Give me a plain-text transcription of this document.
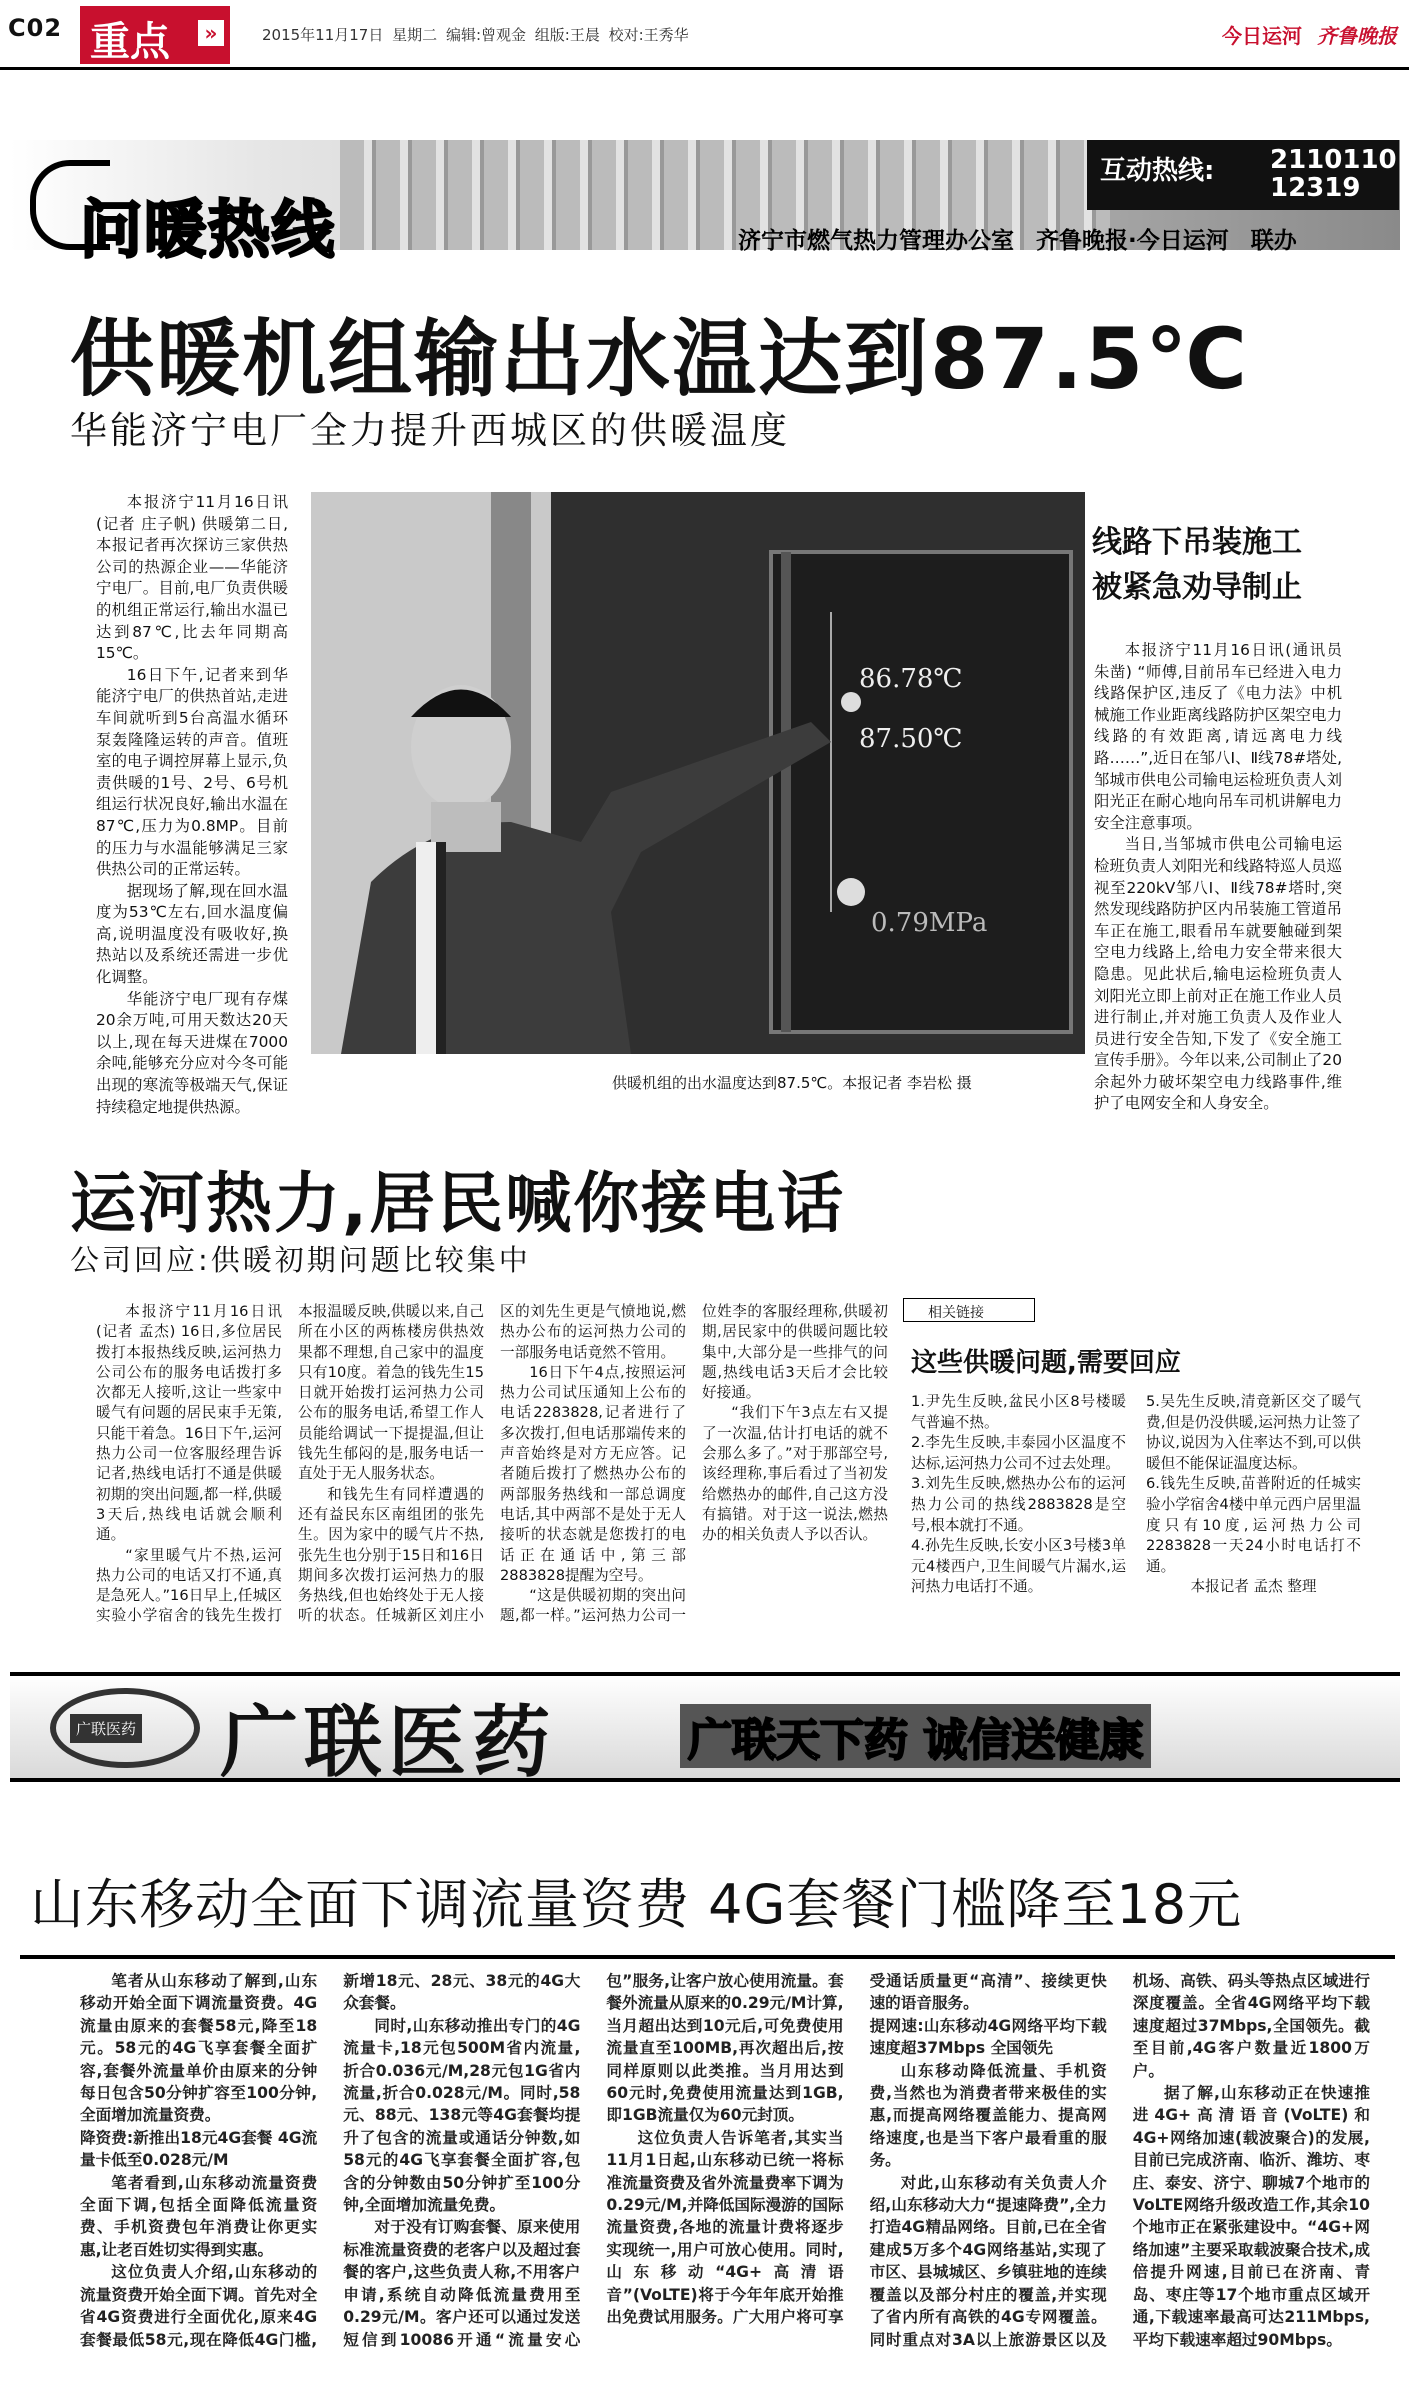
C02 重点	»	2015年11月17日 星期二 编辑:曾观金 组版:王晨 校对:王秀华	今日运河 齐鲁晚报
问暖热线
互动热线: 2110110
12319
济宁市燃气热力管理办公室 齐鲁晚报·今日运河 联办
供暖机组输出水温达到87.5℃
华能济宁电厂全力提升西城区的供暖温度

本报济宁11月16日讯(记者 庄子帆) 供暖第二日,本报记者再次探访三家供热公司的热源企业——华能济宁电厂。目前,电厂负责供暖的机组正常运行,输出水温已达到87℃,比去年同期高15℃。

16日下午,记者来到华能济宁电厂的供热首站,走进车间就听到5台高温水循环泵轰隆隆运转的声音。值班室的电子调控屏幕上显示,负责供暖的1号、2号、6号机组运行状况良好,输出水温在87℃,压力为0.8MP。目前的压力与水温能够满足三家供热公司的正常运转。

据现场了解,现在回水温度为53℃左右,回水温度偏高,说明温度没有吸收好,换热站以及系统还需进一步优化调整。

华能济宁电厂现有存煤20余万吨,可用天数达20天以上,现在每天进煤在7000余吨,能够充分应对今冬可能出现的寒流等极端天气,保证持续稳定地提供热源。

86.78℃
87.50℃
0.79MPa
供暖机组的出水温度达到87.5℃。本报记者 李岩松 摄
线路下吊装施工
被紧急劝导制止

本报济宁11月16日讯(通讯员 朱凿) “师傅,目前吊车已经进入电力线路保护区,违反了《电力法》中机械施工作业距离线路防护区架空电力线路的有效距离,请远离电力线路……”,近日在邹八Ⅰ、Ⅱ线78#塔处,邹城市供电公司输电运检班负责人刘阳光正在耐心地向吊车司机讲解电力安全注意事项。

当日,当邹城市供电公司输电运检班负责人刘阳光和线路特巡人员巡视至220kV邹八Ⅰ、Ⅱ线78#塔时,突然发现线路防护区内吊装施工管道吊车正在施工,眼看吊车就要触碰到架空电力线路上,给电力安全带来很大隐患。见此状后,输电运检班负责人刘阳光立即上前对正在施工作业人员进行制止,并对施工负责人及作业人员进行安全告知,下发了《安全施工宣传手册》。今年以来,公司制止了20余起外力破坏架空电力线路事件,维护了电网安全和人身安全。

运河热力,居民喊你接电话
公司回应:供暖初期问题比较集中

本报济宁11月16日讯(记者 孟杰) 16日,多位居民拨打本报热线反映,运河热力公司公布的服务电话拨打多次都无人接听,这让一些家中暖气有问题的居民束手无策,只能干着急。16日下午,运河热力公司一位客服经理告诉记者,热线电话打不通是供暖初期的突出问题,都一样,供暖3天后,热线电话就会顺利通。

“家里暖气片不热,运河热力公司的电话又打不通,真是急死人。”16日早上,任城区实验小学宿舍的钱先生拨打本报温暖反映,供暖以来,自己所在小区的两栋楼房供热效果都不理想,自己家中的温度只有10度。着急的钱先生15日就开始拨打运河热力公司公布的服务电话,希望工作人员能给调试一下提提温,但让钱先生郁闷的是,服务电话一直处于无人服务状态。

和钱先生有同样遭遇的还有益民东区南组团的张先生。因为家中的暖气片不热,张先生也分别于15日和16日期间多次拨打运河热力的服务热线,但也始终处于无人接听的状态。任城新区刘庄小区的刘先生更是气愤地说,燃热办公布的运河热力公司的一部服务电话竟然不管用。

16日下午4点,按照运河热力公司试压通知上公布的电话2283828,记者进行了多次拨打,但电话那端传来的声音始终是对方无应答。记者随后拨打了燃热办公布的两部服务热线和一部总调度电话,其中两部不是处于无人接听的状态就是您拨打的电话正在通话中,第三部2883828提醒为空号。

“这是供暖初期的突出问题,都一样。”运河热力公司一位姓李的客服经理称,供暖初期,居民家中的供暖问题比较集中,大部分是一些排气的问题,热线电话3天后才会比较好接通。

“我们下午3点左右又提了一次温,估计打电话的就不会那么多了。”对于那部空号,该经理称,事后看过了当初发给燃热办的邮件,自己这方没有搞错。对于这一说法,燃热办的相关负责人予以否认。

相关链接
这些供暖问题,需要回应
1.尹先生反映,盆民小区8号楼暖气普遍不热。
2.李先生反映,丰泰园小区温度不达标,运河热力公司不过去处理。
3.刘先生反映,燃热办公布的运河热力公司的热线2883828是空号,根本就打不通。
4.孙先生反映,长安小区3号楼3单元4楼西户,卫生间暖气片漏水,运河热力电话打不通。
5.吴先生反映,清竟新区交了暖气费,但是仍没供暖,运河热力让签了协议,说因为入住率达不到,可以供暖但不能保证温度达标。
6.钱先生反映,苗普附近的任城实验小学宿舍4楼中单元西户居里温度只有10度,运河热力公司2283828一天24小时电话打不通。
本报记者 孟杰 整理
广联医药 广联医药	广联天下药 诚信送健康
山东移动全面下调流量资费 4G套餐门槛降至18元

笔者从山东移动了解到,山东移动开始全面下调流量资费。4G流量由原来的套餐58元,降至18元。58元的4G飞享套餐全面扩容,套餐外流量单价由原来的分钟每日包含50分钟扩容至100分钟,全面增加流量资费。

降资费:新推出18元4G套餐 4G流量卡低至0.028元/M

笔者看到,山东移动流量资费全面下调,包括全面降低流量资费、手机资费包年消费让你更实惠,让老百姓切实得到实惠。

这位负责人介绍,山东移动的流量资费开始全面下调。首先对全省4G资费进行全面优化,原来4G套餐最低58元,现在降低4G门槛,新增18元、28元、38元的4G大众套餐。

同时,山东移动推出专门的4G流量卡,18元包500M省内流量,折合0.036元/M,28元包1G省内流量,折合0.028元/M。同时,58元、88元、138元等4G套餐均提升了包含的流量或通话分钟数,如58元的4G飞享套餐全面扩容,包含的分钟数由50分钟扩至100分钟,全面增加流量免费。

对于没有订购套餐、原来使用标准流量资费的老客户以及超过套餐的客户,这些负责人称,不用客户申请,系统自动降低流量费用至0.29元/M。客户还可以通过发送短信到10086开通“流量安心包”服务,让客户放心使用流量。套餐外流量从原来的0.29元/M计算,当月超出达到10元后,可免费使用流量直至100MB,再次超出后,按同样原则以此类推。当月用达到60元时,免费使用流量达到1GB,即1GB流量仅为60元封顶。

这位负责人告诉笔者,其实当11月1日起,山东移动已统一将标准流量资费及省外流量费率下调为0.29元/M,并降低国际漫游的国际流量资费,各地的流量计费将逐步实现统一,用户可放心使用。同时,山东移动“4G+高清语音”(VoLTE)将于今年年底开始推出免费试用服务。广大用户将可享受通话质量更“高清”、接续更快速的语音服务。

提网速:山东移动4G网络平均下载速度超37Mbps 全国领先

山东移动降低流量、手机资费,当然也为消费者带来极佳的实惠,而提高网络覆盖能力、提高网络速度,也是当下客户最看重的服务。

对此,山东移动有关负责人介绍,山东移动大力“提速降费”,全力打造4G精品网络。目前,已在全省建成5万多个4G网络基站,实现了市区、县城城区、乡镇驻地的连续覆盖以及部分村庄的覆盖,并实现了省内所有高铁的4G专网覆盖。同时重点对3A以上旅游景区以及机场、高铁、码头等热点区域进行深度覆盖。全省4G网络平均下载速度超过37Mbps,全国领先。截至目前,4G客户数量近1800万户。

据了解,山东移动正在快速推进4G+高清语音(VoLTE)和4G+网络加速(载波聚合)的发展,目前已完成济南、临沂、潍坊、枣庄、泰安、济宁、聊城7个地市的VoLTE网络升级改造工作,其余10个地市正在紧张建设中。“4G+网络加速”主要采取载波聚合技术,成倍提升网速,目前已在济南、青岛、枣庄等17个地市重点区域开通,下载速率最高可达211Mbps,平均下载速率超过90Mbps。
